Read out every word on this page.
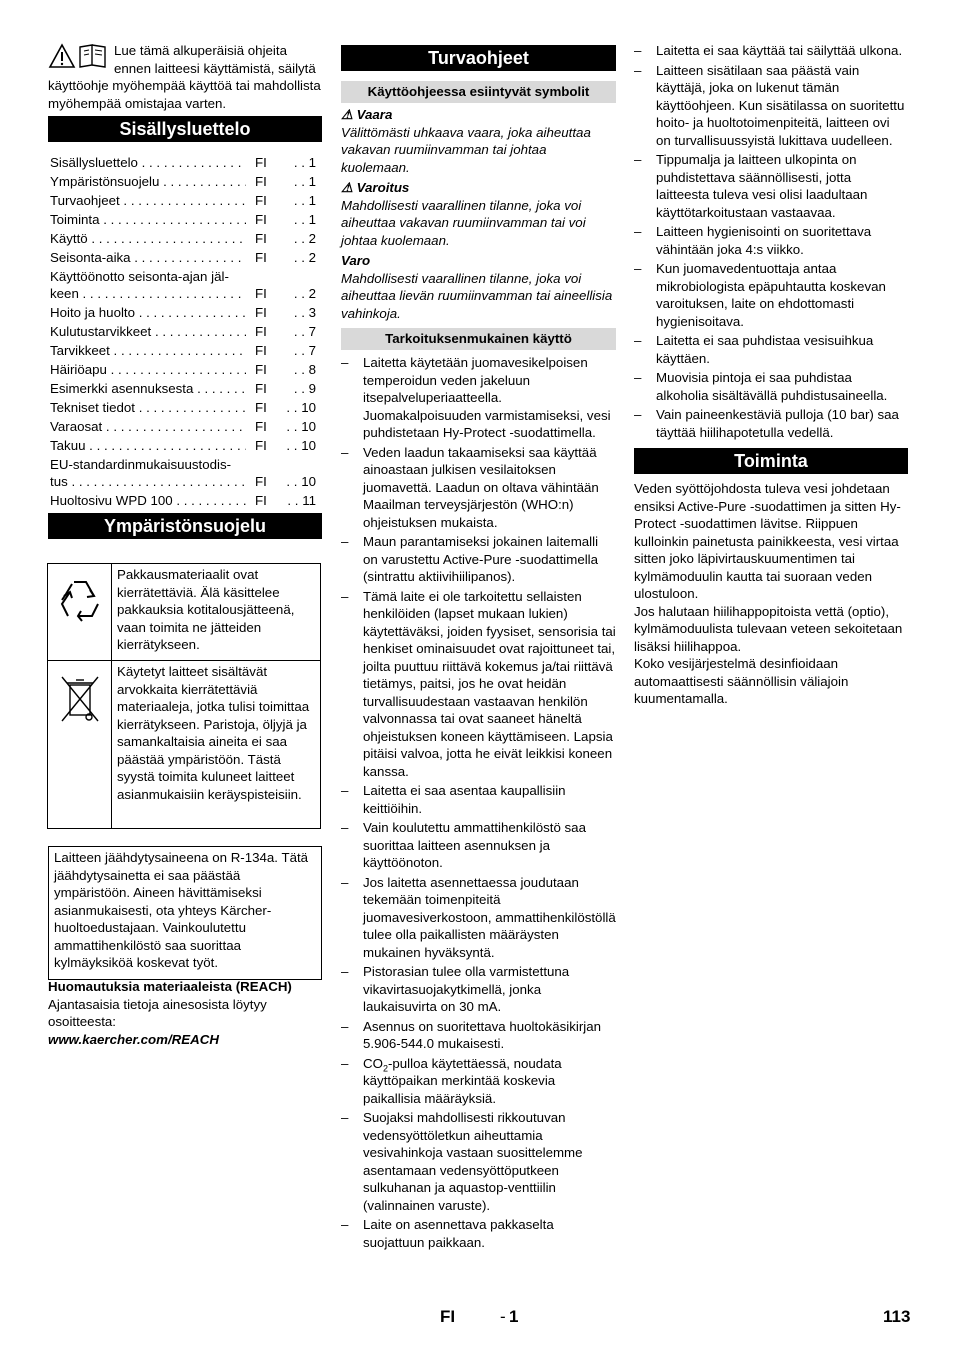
Lue tämä alkuperäisiä ohjeita ennen laitteesi käyttämistä, säilytä käyttöohje myöhempää käyttöä tai mahdollista myöhempää omistajaa varten.
Sisällysluettelo
Sisällysluettelo . . .	FI	. . 1
Ympäristönsuojelu . . .	FI	. . 1
Turvaohjeet . . .	FI	. . 1
Toiminta . . .	FI	. . 1
Käyttö . . .	FI	. . 2
Seisonta-aika . . .	FI	. . 2
Käyttöönotto seisonta-ajan jäl-
keen . . .	FI	. . 2
Hoito ja huolto . . .	FI	. . 3
Kulutustarvikkeet . . .	FI	. . 7
Tarvikkeet . . .	FI	. . 7
Häiriöapu . . .	FI	. . 8
Esimerkki asennuksesta . . .	FI	. . 9
Tekniset tiedot . . .	FI	. . 10
Varaosat . . .	FI	. . 10
Takuu . . .	FI	. . 10
EU-standardinmukaisuustodis-
tus . . .	FI	. . 10
Huoltosivu WPD 100 . . .	FI	. . 11
Ympäristönsuojelu
	Pakkausmateriaalit ovat kierrätettäviä. Älä käsittelee pakkauksia kotitalousjätteenä, vaan toimita ne jätteiden kierrätykseen.
	Käytetyt laitteet sisältävät arvokkaita kierrätettäviä materiaaleja, jotka tulisi toimittaa kierrätykseen. Paristoja, öljyjä ja samankaltaisia aineita ei saa päästää ympäristöön. Tästä syystä toimita kuluneet laitteet asianmukaisiin keräyspisteisiin.
Laitteen jäähdytysaineena on R-134a. Tätä jäähdytysainetta ei saa päästää ympäristöön. Aineen hävittämiseksi asianmukaisesti, ota yhteys Kärcher-huoltoedustajaan. Vainkoulutettu ammattihenkilöstö saa suorittaa kylmäyksiköä koskevat työt.

Huomautuksia materiaaleista (REACH)

Ajantasaisia tietoja ainesosista löytyy osoitteesta:

www.kaercher.com/REACH

Turvaohjeet
Käyttöohjeessa esiintyvät symbolit

⚠ Vaara

Välittömästi uhkaava vaara, joka aiheuttaa vakavan ruumiinvamman tai johtaa kuolemaan.

⚠ Varoitus

Mahdollisesti vaarallinen tilanne, joka voi aiheuttaa vakavan ruumiinvamman tai voi johtaa kuolemaan.

Varo

Mahdollisesti vaarallinen tilanne, joka voi aiheuttaa lievän ruumiinvamman tai aineellisia vahinkoja.

Tarkoituksenmukainen käyttö
– Laitetta käytetään juomavesikelpoisen temperoidun veden jakeluun itsepalveluperiaatteella. Juomakalpoisuuden varmistamiseksi, vesi puhdistetaan Hy-Protect -suodattimella.
– Veden laadun takaamiseksi saa käyttää ainoastaan julkisen vesilaitoksen juomavettä. Laadun on oltava vähintään Maailman terveysjärjestön (WHO:n) ohjeistuksen mukaista.
– Maun parantamiseksi jokainen laitemalli on varustettu Active-Pure -suodattimella (sintrattu aktiivihiilipanos).
– Tämä laite ei ole tarkoitettu sellaisten henkilöiden (lapset mukaan lukien) käytettäväksi, joiden fyysiset, sensorisia tai henkiset ominaisuudet ovat rajoittuneet tai, joilta puuttuu riittävä kokemus ja/tai riittävä tietämys, paitsi, jos he ovat heidän turvallisuudestaan vastaavan henkilön valvonnassa tai ovat saaneet häneltä ohjeistuksen koneen käyttämiseen. Lapsia pitäisi valvoa, jotta he eivät leikkisi koneen kanssa.
– Laitetta ei saa asentaa kaupallisiin keittiöihin.
– Vain koulutettu ammattihenkilöstö saa suorittaa laitteen asennuksen ja käyttöönoton.
– Jos laitetta asennettaessa joudutaan tekemään toimenpiteitä juomavesiverkostoon, ammattihenkilöstöllä tulee olla paikallisten määräysten mukainen hyväksyntä.
– Pistorasian tulee olla varmistettuna vikavirtasuojakytkimellä, jonka laukaisuvirta on 30 mA.
– Asennus on suoritettava huoltokäsikirjan 5.906-544.0 mukaisesti.
– $CO_2$-pulloa käytettäessä, noudata käyttöpaikan merkintää koskevia paikallisia määräyksiä.
– Suojaksi mahdollisesti rikkoutuvan vedensyöttöletkun aiheuttamia vesivahinkoja vastaan suosittelemme asentamaan vedensyöttöputkeen sulkuhanan ja aquastop-venttiilin (valinnainen varuste).
– Laite on asennettava pakkaselta suojattuun paikkaan.
– Laitetta ei saa käyttää tai säilyttää ulkona.
– Laitteen sisätilaan saa päästä vain käyttäjä, joka on lukenut tämän käyttöohjeen. Kun sisätilassa on suoritettu hoito- ja huoltotoimenpiteitä, laitteen ovi on turvallisuussyistä lukittava uudelleen.
– Tippumalja ja laitteen ulkopinta on puhdistettava säännöllisesti, jotta laitteesta tuleva vesi olisi laadultaan käyttötarkoitustaan vastaavaa.
– Laitteen hygienisointi on suoritettava vähintään joka 4:s viikko.
– Kun juomavedentuottaja antaa mikrobiologista epäpuhtautta koskevan varoituksen, laite on ehdottomasti hygienisoitava.
– Laitetta ei saa puhdistaa vesisuihkua käyttäen.
– Muovisia pintoja ei saa puhdistaa alkoholia sisältävällä puhdistusaineella.
– Vain paineenkestäviä pulloja (10 bar) saa täyttää hiilihapotetulla vedellä.
Toiminta

Veden syöttöjohdosta tuleva vesi johdetaan ensiksi Active-Pure -suodattimen ja sitten Hy-Protect -suodattimen lävitse. Riippuen kulloinkin painetusta painikkeesta, vesi virtaa sitten joko läpivirtauskuumentimen tai kylmämoduulin kautta tai suoraan veden ulostuloon.

Jos halutaan hiilihappopitoista vettä (optio), kylmämoduulista tulevaan veteen sekoitetaan lisäksi hiilihappoa.

Koko vesijärjestelmä desinfioidaan automaattisesti säännöllisin väliajoin kuumentamalla.

FI	- 1	113
